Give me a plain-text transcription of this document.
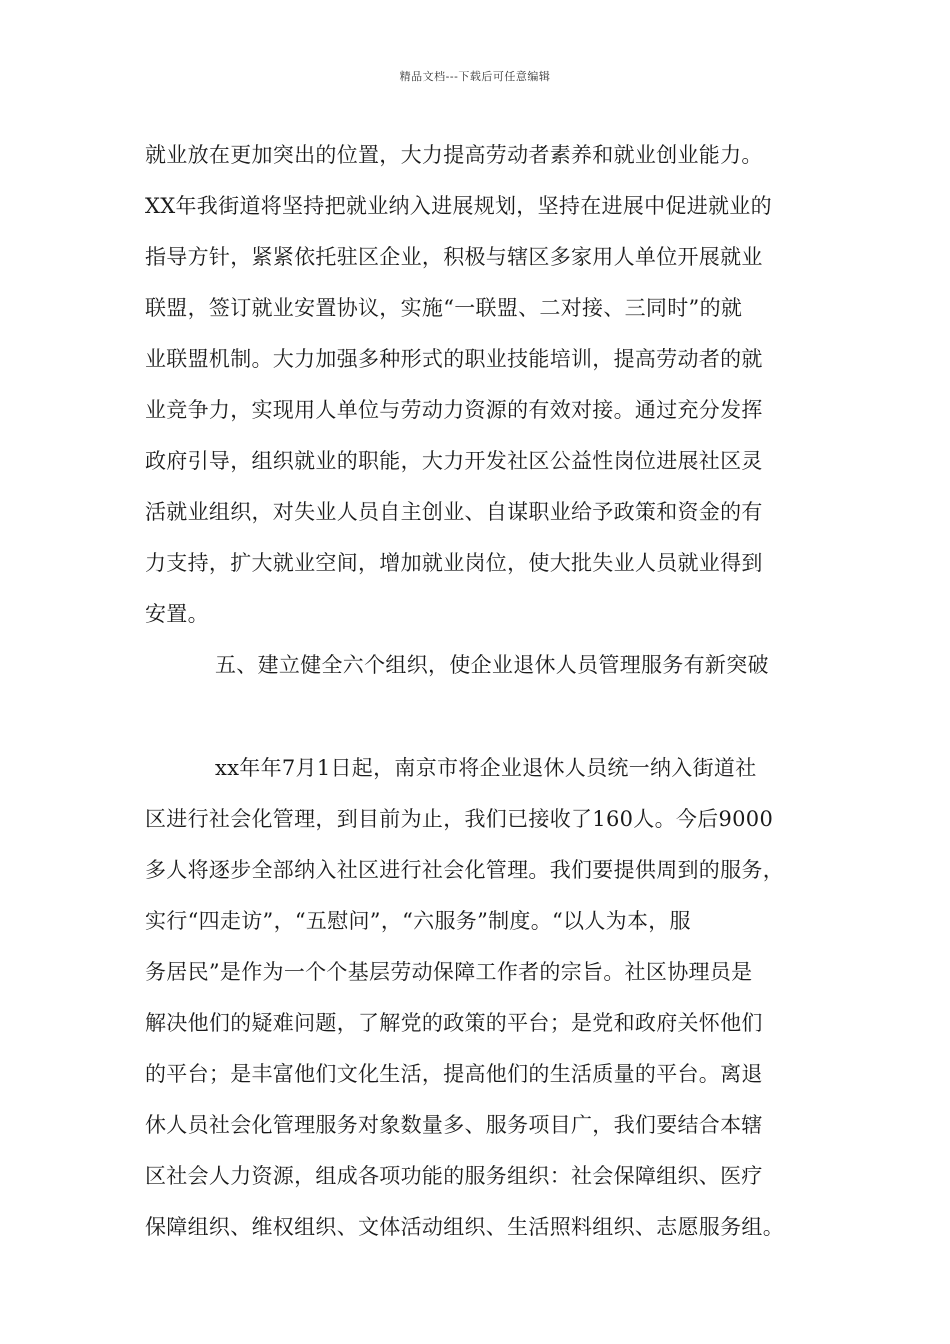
精品文档---下载后可任意编辑
就业放在更加突出的位置，大力提高劳动者素养和就业创业能力。
XX年我街道将坚持把就业纳入进展规划，坚持在进展中促进就业的
指导方针，紧紧依托驻区企业，积极与辖区多家用人单位开展就业
联盟，签订就业安置协议，实施“一联盟、二对接、三同时”的就
业联盟机制。大力加强多种形式的职业技能培训，提高劳动者的就
业竞争力，实现用人单位与劳动力资源的有效对接。通过充分发挥
政府引导，组织就业的职能，大力开发社区公益性岗位进展社区灵
活就业组织，对失业人员自主创业、自谋职业给予政策和资金的有
力支持，扩大就业空间，增加就业岗位，使大批失业人员就业得到
安置。
五、建立健全六个组织，使企业退休人员管理服务有新突破
xx年年7月1日起，南京市将企业退休人员统一纳入街道社
区进行社会化管理，到目前为止，我们已接收了160人。今后9000
多人将逐步全部纳入社区进行社会化管理。我们要提供周到的服务，
实行“四走访”，“五慰问”，“六服务”制度。“以人为本，服
务居民”是作为一个个基层劳动保障工作者的宗旨。社区协理员是
解决他们的疑难问题，了解党的政策的平台；是党和政府关怀他们
的平台；是丰富他们文化生活，提高他们的生活质量的平台。离退
休人员社会化管理服务对象数量多、服务项目广，我们要结合本辖
区社会人力资源，组成各项功能的服务组织：社会保障组织、医疗
保障组织、维权组织、文体活动组织、生活照料组织、志愿服务组。
